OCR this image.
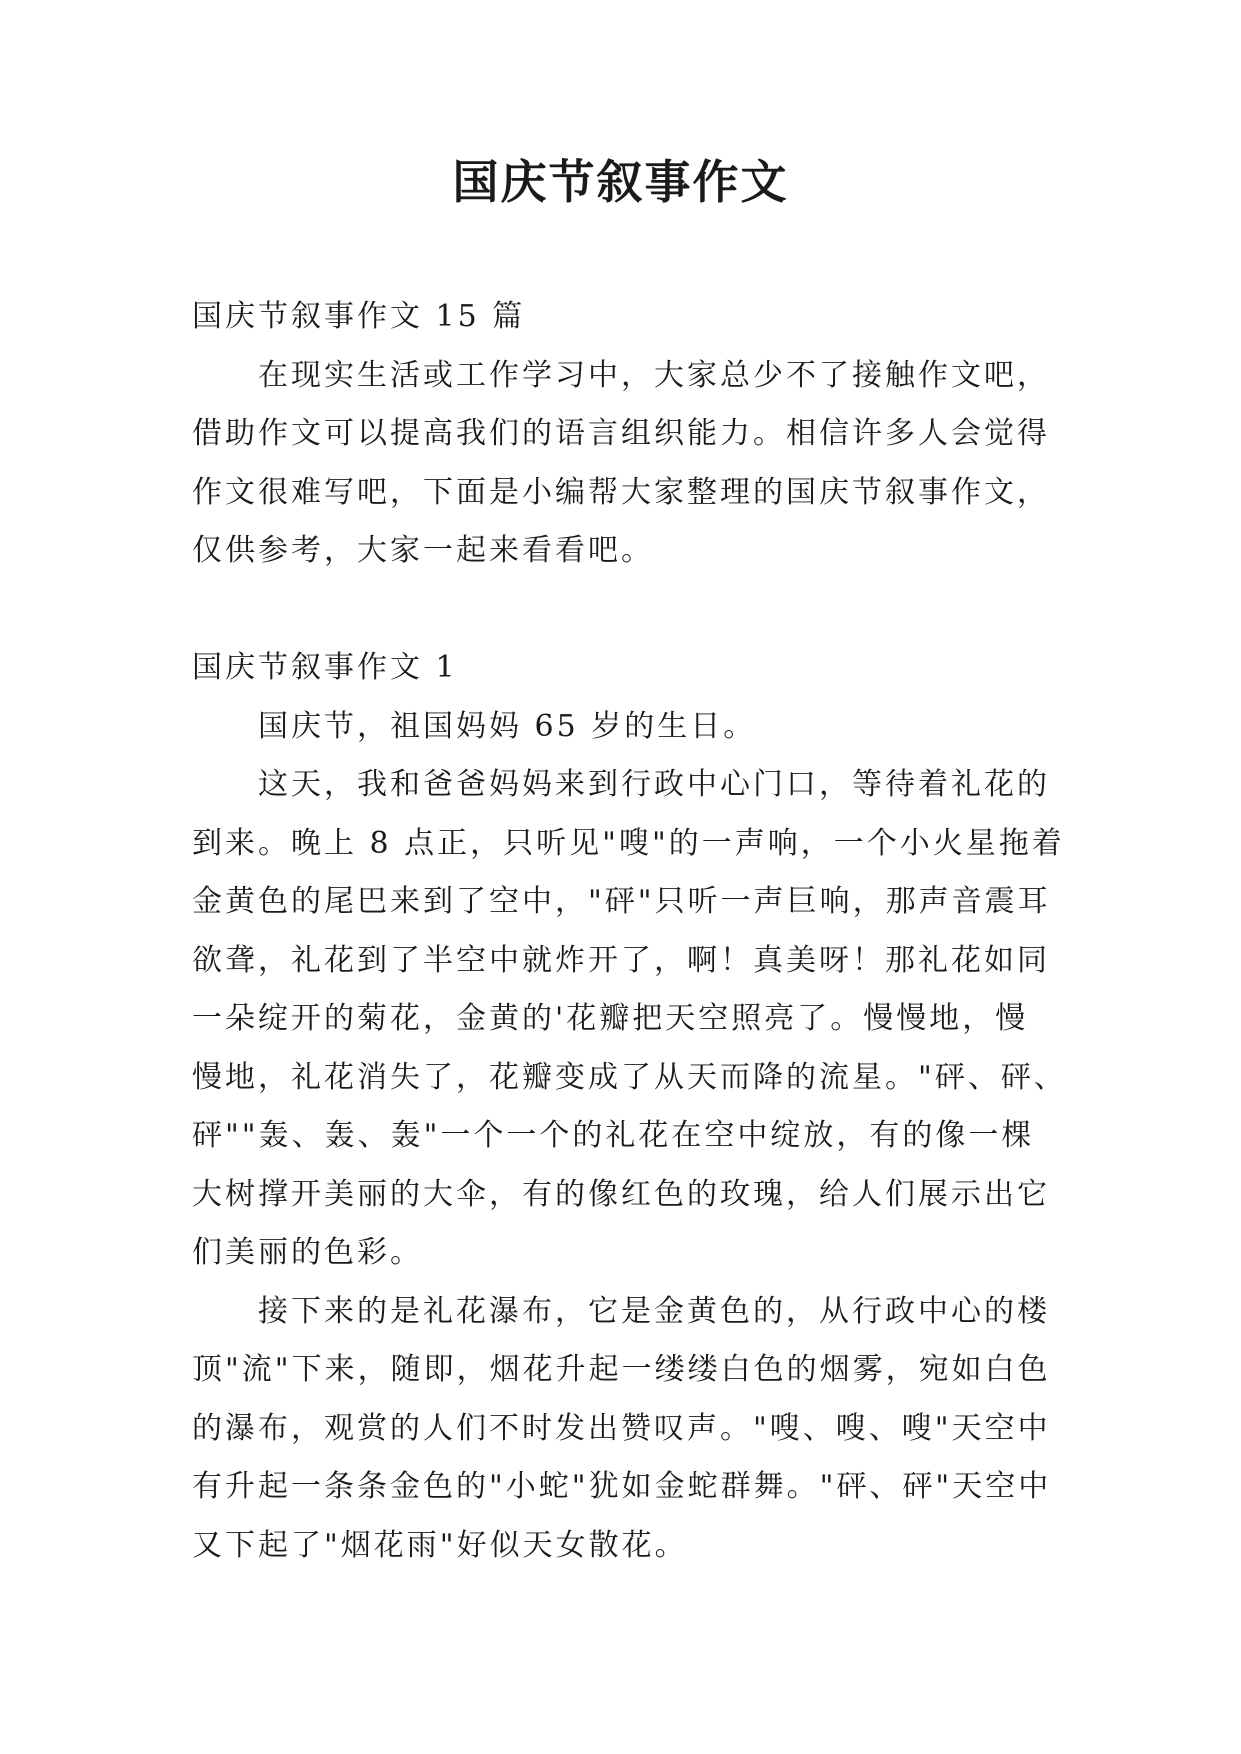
国庆节叙事作文
国庆节叙事作文 15 篇
在现实生活或工作学习中，大家总少不了接触作文吧，
借助作文可以提高我们的语言组织能力。相信许多人会觉得
作文很难写吧，下面是小编帮大家整理的国庆节叙事作文，
仅供参考，大家一起来看看吧。
国庆节叙事作文 1
国庆节，祖国妈妈 65 岁的生日。
这天，我和爸爸妈妈来到行政中心门口，等待着礼花的
到来。晚上 8 点正，只听见"嗖"的一声响，一个小火星拖着
金黄色的尾巴来到了空中，"砰"只听一声巨响，那声音震耳
欲聋，礼花到了半空中就炸开了，啊！真美呀！那礼花如同
一朵绽开的菊花，金黄的'花瓣把天空照亮了。慢慢地，慢
慢地，礼花消失了，花瓣变成了从天而降的流星。"砰、砰、
砰""轰、轰、轰"一个一个的礼花在空中绽放，有的像一棵
大树撑开美丽的大伞，有的像红色的玫瑰，给人们展示出它
们美丽的色彩。
接下来的是礼花瀑布，它是金黄色的，从行政中心的楼
顶"流"下来，随即，烟花升起一缕缕白色的烟雾，宛如白色
的瀑布，观赏的人们不时发出赞叹声。"嗖、嗖、嗖"天空中
有升起一条条金色的"小蛇"犹如金蛇群舞。"砰、砰"天空中
又下起了"烟花雨"好似天女散花。
